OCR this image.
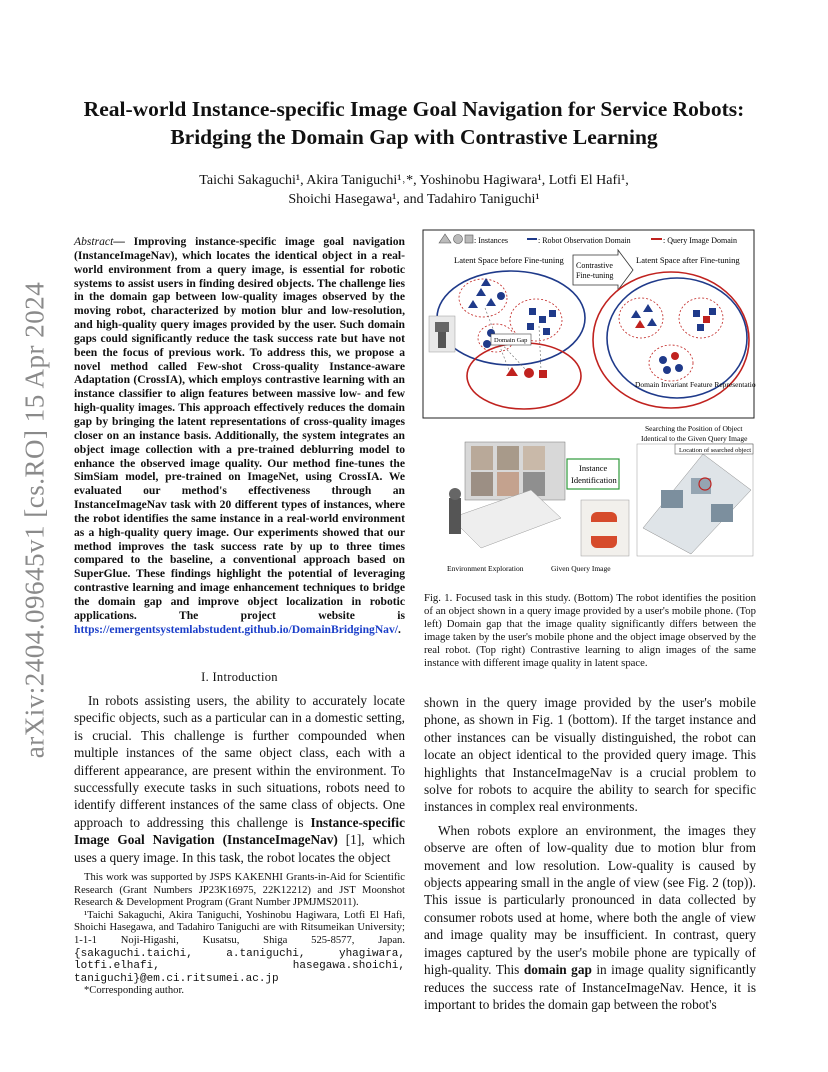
arXiv:2404.09645v1 [cs.RO] 15 Apr 2024
Real-world Instance-specific Image Goal Navigation for Service Robots:
Bridging the Domain Gap with Contrastive Learning
Taichi Sakaguchi¹, Akira Taniguchi¹˒*, Yoshinobu Hagiwara¹, Lotfi El Hafi¹,
Shoichi Hasegawa¹, and Tadahiro Taniguchi¹

Abstract— Improving instance-specific image goal navigation (InstanceImageNav), which locates the identical object in a real-world environment from a query image, is essential for robotic systems to assist users in finding desired objects. The challenge lies in the domain gap between low-quality images observed by the moving robot, characterized by motion blur and low-resolution, and high-quality query images provided by the user. Such domain gaps could significantly reduce the task success rate but have not been the focus of previous work. To address this, we propose a novel method called Few-shot Cross-quality Instance-aware Adaptation (CrossIA), which employs contrastive learning with an instance classifier to align features between massive low- and few high-quality images. This approach effectively reduces the domain gap by bringing the latent representations of cross-quality images closer on an instance basis. Additionally, the system integrates an object image collection with a pre-trained deblurring model to enhance the observed image quality. Our method fine-tunes the SimSiam model, pre-trained on ImageNet, using CrossIA. We evaluated our method's effectiveness through an InstanceImageNav task with 20 different types of instances, where the robot identifies the same instance in a real-world environment as a high-quality query image. Our experiments showed that our method improves the task success rate by up to three times compared to the baseline, a conventional approach based on SuperGlue. These findings highlight the potential of leveraging contrastive learning and image enhancement techniques to bridge the domain gap and improve object localization in robotic applications. The project website is https://emergentsystemlabstudent.github.io/DomainBridgingNav/.

I. Introduction

In robots assisting users, the ability to accurately locate specific objects, such as a particular can in a domestic setting, is crucial. This challenge is further compounded when multiple instances of the same object class, each with a different appearance, are present within the environment. To successfully execute tasks in such situations, robots need to identify different instances of the same class of objects. One approach to addressing this challenge is Instance-specific Image Goal Navigation (InstanceImageNav) [1], which uses a query image. In this task, the robot locates the object

This work was supported by JSPS KAKENHI Grants-in-Aid for Scientific Research (Grant Numbers JP23K16975, 22K12212) and JST Moonshot Research & Development Program (Grant Number JPMJMS2011).

¹Taichi Sakaguchi, Akira Taniguchi, Yoshinobu Hagiwara, Lotfi El Hafi, Shoichi Hasegawa, and Tadahiro Taniguchi are with Ritsumeikan University; 1-1-1 Noji-Higashi, Kusatsu, Shiga 525-8577, Japan. {sakaguchi.taichi, a.taniguchi, yhagiwara, lotfi.elhafi, hasegawa.shoichi, taniguchi}@em.ci.ritsumei.ac.jp

*Corresponding author.

: Instances	: Robot Observation Domain	: Query Image Domain
Latent Space before Fine-tuning	Latent Space after Fine-tuning
Contrastive
Fine-tuning
Domain Gap
Domain Invariant Feature Representation
Searching the Position of Object
Identical to the Given Query Image
Instance
Identification
Location of searched object
Environment Exploration	Given Query Image

Fig. 1. Focused task in this study. (Bottom) The robot identifies the position of an object shown in a query image provided by a user's mobile phone. (Top left) Domain gap that the image quality significantly differs between the image taken by the user's mobile phone and the object image observed by the real robot. (Top right) Contrastive learning to align images of the same instance with different image quality in latent space.

shown in the query image provided by the user's mobile phone, as shown in Fig. 1 (bottom). If the target instance and other instances can be visually distinguished, the robot can locate an object identical to the provided query image. This highlights that InstanceImageNav is a crucial problem to solve for robots to acquire the ability to search for specific instances in complex real environments.

When robots explore an environment, the images they observe are often of low-quality due to motion blur from movement and low resolution. Low-quality is caused by objects appearing small in the angle of view (see Fig. 2 (top)). This issue is particularly pronounced in data collected by consumer robots used at home, where both the angle of view and image quality may be insufficient. In contrast, query images captured by the user's mobile phone are typically of high-quality. This domain gap in image quality significantly reduces the success rate of InstanceImageNav. Hence, it is important to brides the domain gap between the robot's
